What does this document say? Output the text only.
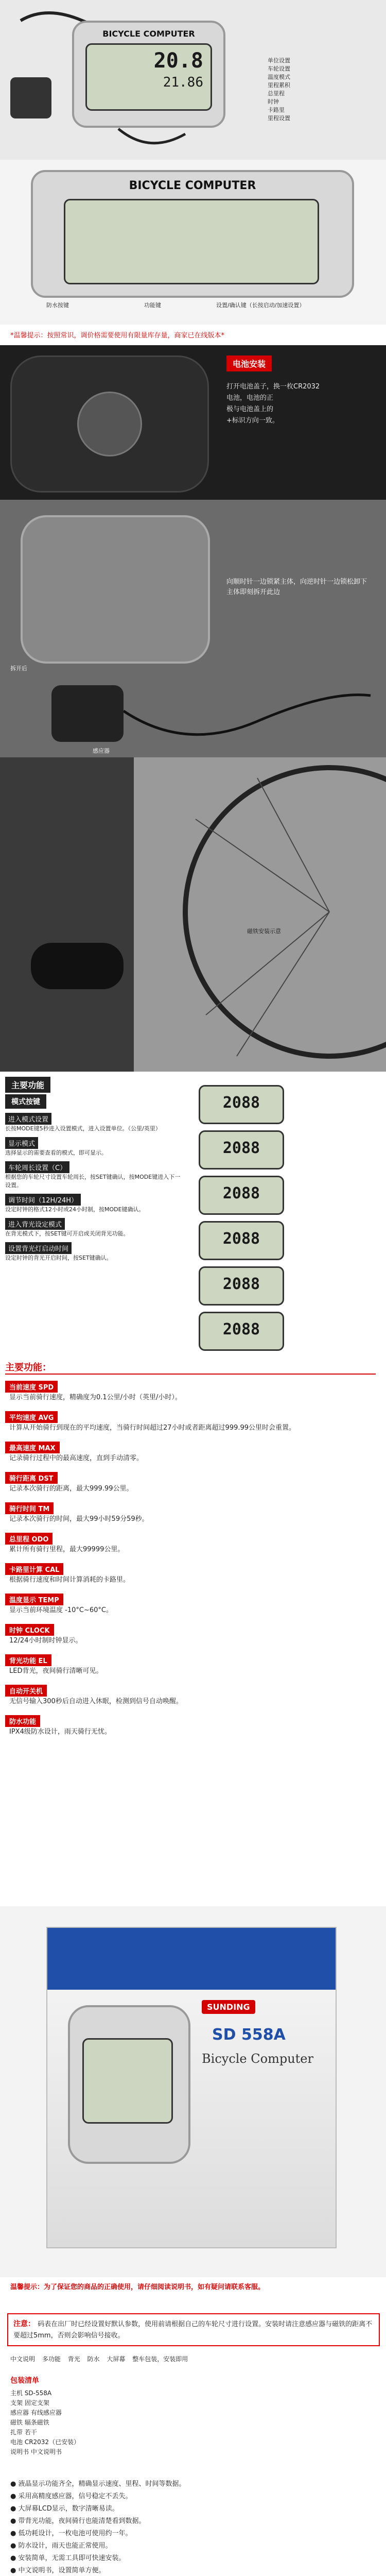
BICYCLE COMPUTER
20.8
21.86
单位设置
车轮设置
温度模式
里程累积
总里程
时钟
卡路里
里程设置
BICYCLE COMPUTER
防水按键	功能键	设置/确认键（长按启动/加速设置）
*温馨提示：按照常识，调价格需要使用有限量库存量，商家已在线版本*
电池安装
打开电池盖子，换一枚CR2032
电池，电池的正
极与电池盖上的
+标识方向一致。
向顺时针一边锁紧主体，向逆时针一边锁松卸下主体即刻拆开此边
拆开后
感应器
磁铁安装示意
主要功能
模式按键
进入模式设置
长按MODE键5秒进入设置模式，进入设置单位。（公里/英里）
显示模式
选择显示的需要查看的模式，即可显示。
车轮周长设置（C）
根据您的车轮尺寸设置车轮周长，按SET键确认，按MODE键进入下一设置。
调节时间（12H/24H）
设定时钟的格式12小时或24小时制，按MODE键确认。
进入背光设定模式
在背光模式下，按SET键可开启或关闭背光功能。
设置背光灯启动时间
设定时钟的背光开启时间，按SET键确认。
2088

2088

2088

2088

2088

2088
主要功能：
当前速度 SPD
显示当前骑行速度，精确度为0.1公里/小时（英里/小时）。
平均速度 AVG
计算从开始骑行到现在的平均速度，当骑行时间超过27小时或者距离超过999.99公里时会重置。
最高速度 MAX
记录骑行过程中的最高速度，直到手动清零。
骑行距离 DST
记录本次骑行的距离，最大999.99公里。
骑行时间 TM
记录本次骑行的时间，最大99小时59分59秒。
总里程 ODO
累计所有骑行里程，最大99999公里。
卡路里计算 CAL
根据骑行速度和时间计算消耗的卡路里。
温度显示 TEMP
显示当前环境温度 -10°C~60°C。
时钟 CLOCK
12/24小时制时钟显示。
背光功能 EL
LED背光，夜间骑行清晰可见。
自动开关机
无信号输入300秒后自动进入休眠，检测到信号自动唤醒。
防水功能
IPX4级防水设计，雨天骑行无忧。
SUNDING
SD 558A
Bicycle Computer
温馨提示：为了保证您的商品的正确使用，请仔细阅读说明书，如有疑问请联系客服。
注意： 码表在出厂时已经设置好默认参数，使用前请根据自己的车轮尺寸进行设置。安装时请注意感应器与磁铁的距离不要超过5mm，否则会影响信号接收。
中文说明 多功能 背光 防水 大屏幕 整车包装，安装即用
包装清单
主机 SD-558A
支架 固定支架
感应器 有线感应器
磁铁 辐条磁铁
扎带 若干
电池 CR2032（已安装）
说明书 中文说明书
● 液晶显示功能齐全，精确显示速度、里程、时间等数据。
● 采用高精度感应器，信号稳定不丢失。
● 大屏幕LCD显示，数字清晰易读。
● 带背光功能，夜间骑行也能清楚看到数据。
● 低功耗设计，一枚电池可使用约一年。
● 防水设计，雨天也能正常使用。
● 安装简单，无需工具即可快速安装。
● 中文说明书，设置简单方便。
